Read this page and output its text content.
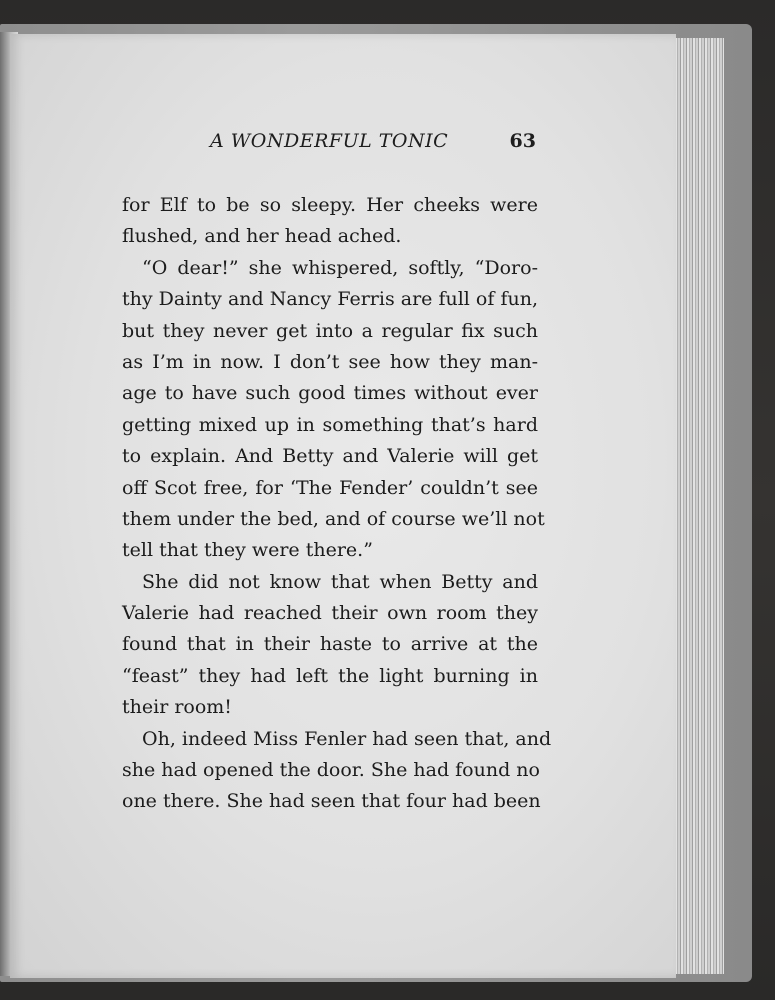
A WONDERFUL TONIC	63
for Elf to be so sleepy. Her cheeks were
flushed, and her head ached.
“O dear!” she whispered, softly, “Doro-
thy Dainty and Nancy Ferris are full of fun,
but they never get into a regular fix such
as I’m in now. I don’t see how they man-
age to have such good times without ever
getting mixed up in something that’s hard
to explain. And Betty and Valerie will get
off Scot free, for ‘The Fender’ couldn’t see
them under the bed, and of course we’ll not
tell that they were there.”
She did not know that when Betty and
Valerie had reached their own room they
found that in their haste to arrive at the
“feast” they had left the light burning in
their room!
Oh, indeed Miss Fenler had seen that, and
she had opened the door. She had found no
one there. She had seen that four had been
